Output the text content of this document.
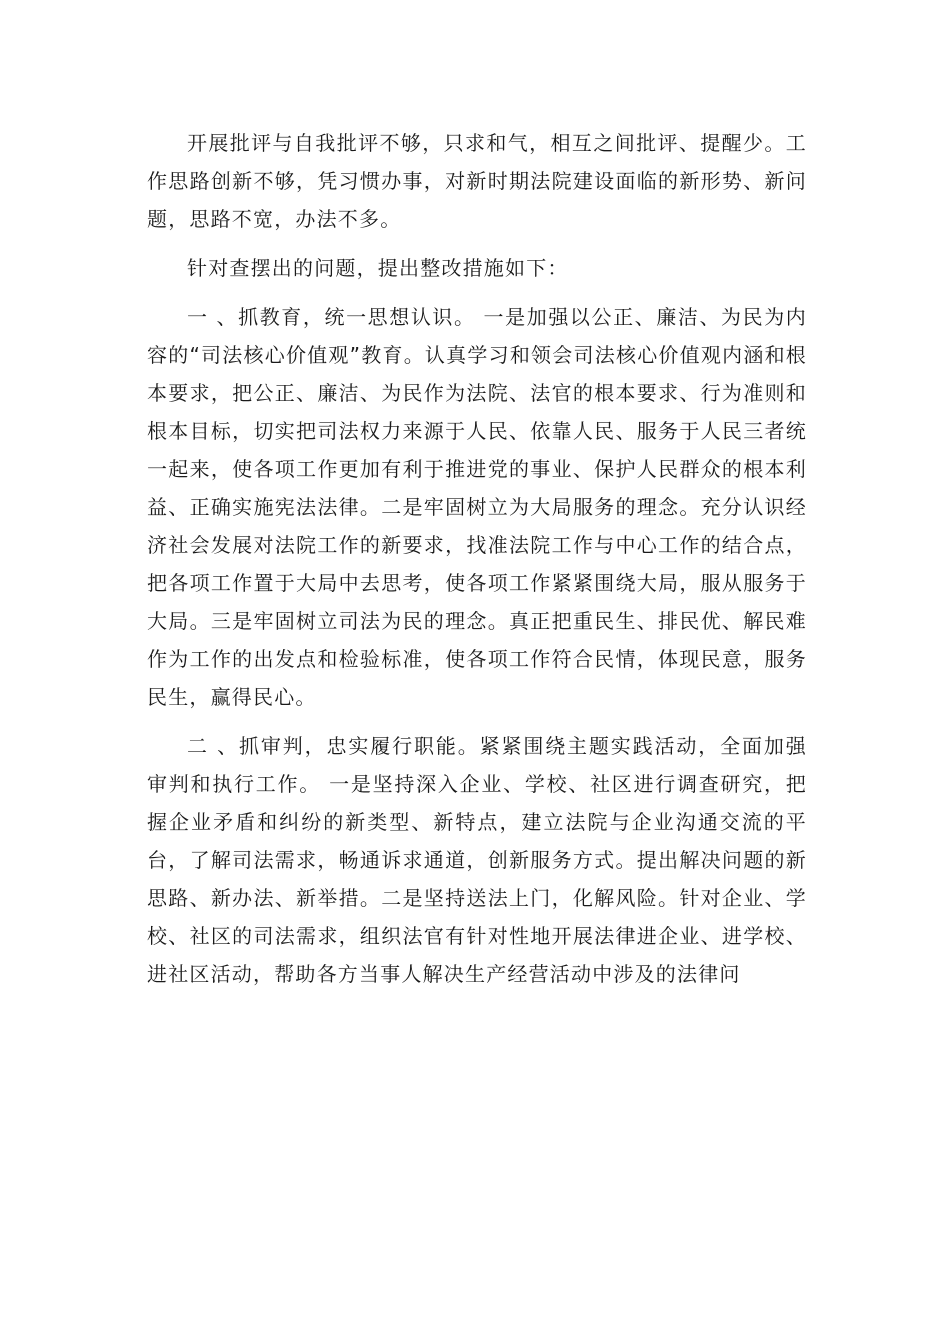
开展批评与自我批评不够，只求和气，相互之间批评、提醒少。工作思路创新不够，凭习惯办事，对新时期法院建设面临的新形势、新问题，思路不宽，办法不多。

针对查摆出的问题，提出整改措施如下：

一 、抓教育，统一思想认识。 一是加强以公正、廉洁、为民为内容的“司法核心价值观”教育。认真学习和领会司法核心价值观内涵和根本要求，把公正、廉洁、为民作为法院、法官的根本要求、行为准则和根本目标，切实把司法权力来源于人民、依靠人民、服务于人民三者统一起来，使各项工作更加有利于推进党的事业、保护人民群众的根本利益、正确实施宪法法律。二是牢固树立为大局服务的理念。充分认识经济社会发展对法院工作的新要求，找准法院工作与中心工作的结合点，把各项工作置于大局中去思考，使各项工作紧紧围绕大局，服从服务于大局。三是牢固树立司法为民的理念。真正把重民生、排民优、解民难作为工作的出发点和检验标准，使各项工作符合民情，体现民意，服务民生，赢得民心。

二 、抓审判，忠实履行职能。紧紧围绕主题实践活动，全面加强审判和执行工作。 一是坚持深入企业、学校、社区进行调查研究，把握企业矛盾和纠纷的新类型、新特点，建立法院与企业沟通交流的平台，了解司法需求，畅通诉求通道，创新服务方式。提出解决问题的新思路、新办法、新举措。二是坚持送法上门，化解风险。针对企业、学校、社区的司法需求，组织法官有针对性地开展法律进企业、进学校、进社区活动，帮助各方当事人解决生产经营活动中涉及的法律问
